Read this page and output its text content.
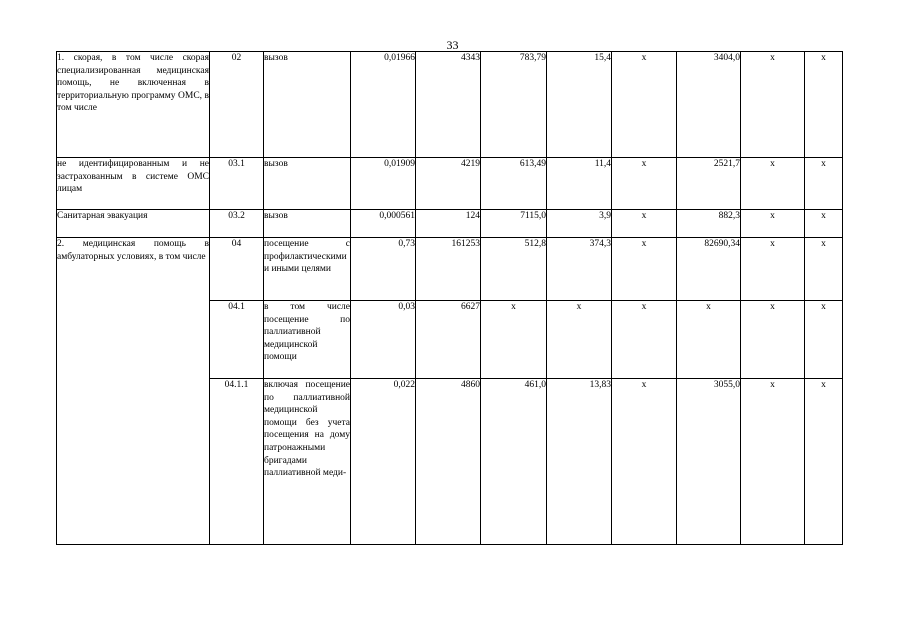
33
1. скорая, в том числе скорая специализированная медицинская помощь, не включенная в территориальную программу ОМС, в том числе	02	вызов	0,01966	4343	783,79	15,4	х	3404,0	х	х
не идентифицированным и не застрахованным в системе ОМС лицам	03.1	вызов	0,01909	4219	613,49	11,4	х	2521,7	х	х
Санитарная эвакуация	03.2	вызов	0,000561	124	7115,0	3,9	х	882,3	х	х
2. медицинская помощь в амбулаторных условиях, в том числе	04	посещение с профилактическими и иными целями	0,73	161253	512,8	374,3	х	82690,34	х	х
	04.1	в том числе посещение по паллиативной медицинской помощи	0,03	6627	х	х	х	х	х	х
	04.1.1	включая посещение по паллиативной медицинской помощи без учета посещения на дому патронажными бригадами паллиативной меди-	0,022	4860	461,0	13,83	х	3055,0	х	х
